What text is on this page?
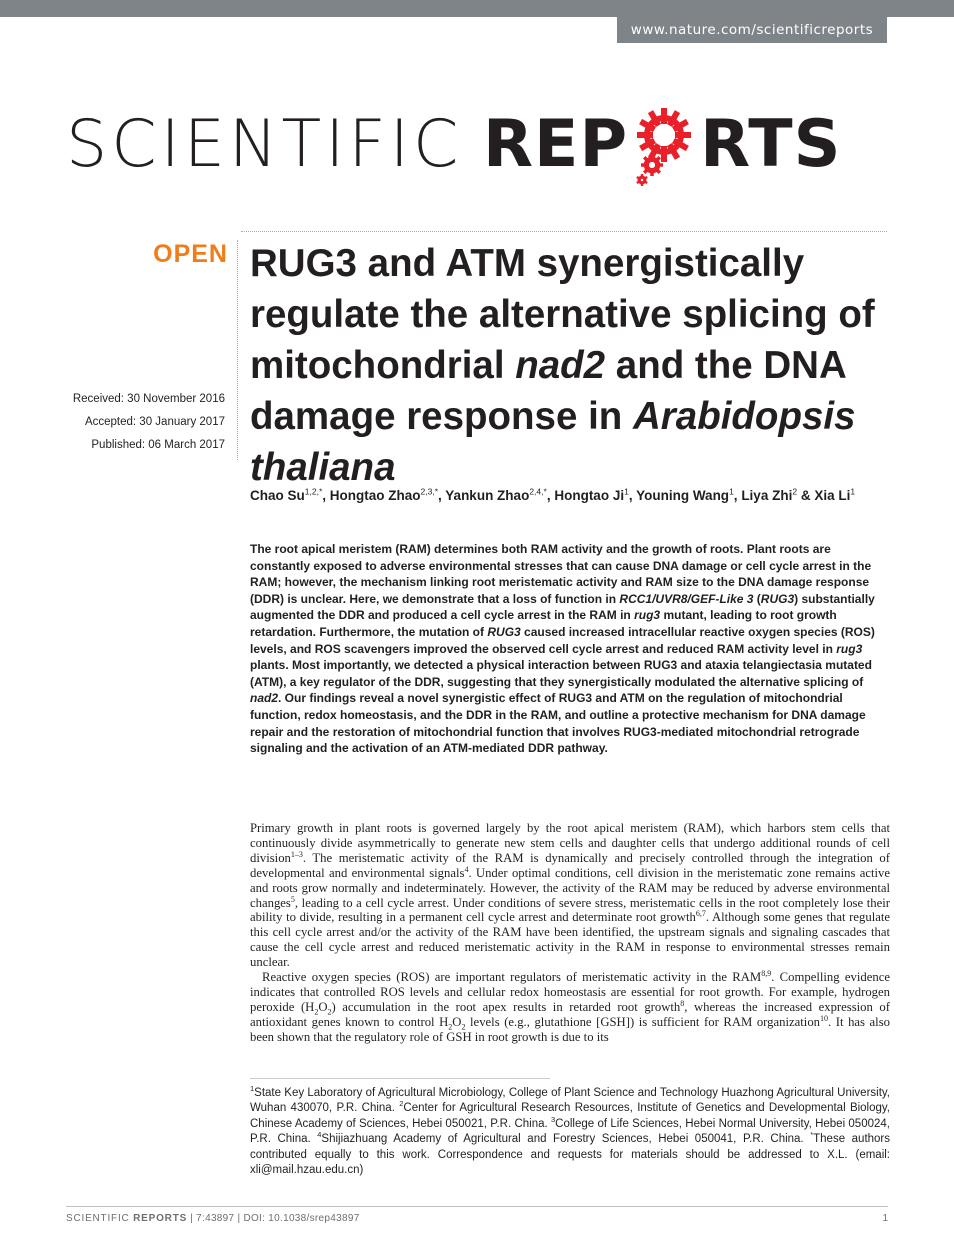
www.nature.com/scientificreports
SCIENTIFIC REP RTS
OPEN
Received: 30 November 2016
Accepted: 30 January 2017
Published: 06 March 2017
RUG3 and ATM synergistically regulate the alternative splicing of mitochondrial nad2 and the DNA damage response in Arabidopsis thaliana
Chao $Su^{1,2,*}$, Hongtao Zhao$^{2,3,*}$, Yankun Zhao$^{2,4,*}$, Hongtao Ji$^1$, Youning Wang$^1$, Liya Zhi$^2$ & Xia Li$^1$
The root apical meristem (RAM) determines both RAM activity and the growth of roots. Plant roots are constantly exposed to adverse environmental stresses that can cause DNA damage or cell cycle arrest in the RAM; however, the mechanism linking root meristematic activity and RAM size to the DNA damage response (DDR) is unclear. Here, we demonstrate that a loss of function in RCC1/UVR8/GEF-Like 3 (RUG3) substantially augmented the DDR and produced a cell cycle arrest in the RAM in rug3 mutant, leading to root growth retardation. Furthermore, the mutation of RUG3 caused increased intracellular reactive oxygen species (ROS) levels, and ROS scavengers improved the observed cell cycle arrest and reduced RAM activity level in rug3 plants. Most importantly, we detected a physical interaction between RUG3 and ataxia telangiectasia mutated (ATM), a key regulator of the DDR, suggesting that they synergistically modulated the alternative splicing of nad2. Our findings reveal a novel synergistic effect of RUG3 and ATM on the regulation of mitochondrial function, redox homeostasis, and the DDR in the RAM, and outline a protective mechanism for DNA damage repair and the restoration of mitochondrial function that involves RUG3-mediated mitochondrial retrograde signaling and the activation of an ATM-mediated DDR pathway.

Primary growth in plant roots is governed largely by the root apical meristem (RAM), which harbors stem cells that continuously divide asymmetrically to generate new stem cells and daughter cells that undergo additional rounds of cell division$^{1-3}$. The meristematic activity of the RAM is dynamically and precisely controlled through the integration of developmental and environmental signals$^4$. Under optimal conditions, cell division in the meristematic zone remains active and roots grow normally and indeterminately. However, the activity of the RAM may be reduced by adverse environmental changes$^5$, leading to a cell cycle arrest. Under conditions of severe stress, meristematic cells in the root completely lose their ability to divide, resulting in a permanent cell cycle arrest and determinate root growth$^{6,7}$. Although some genes that regulate this cell cycle arrest and/or the activity of the RAM have been identified, the upstream signals and signaling cascades that cause the cell cycle arrest and reduced meristematic activity in the RAM in response to environmental stresses remain unclear.

Reactive oxygen species (ROS) are important regulators of meristematic activity in the RAM$^{8,9}$. Compelling evidence indicates that controlled ROS levels and cellular redox homeostasis are essential for root growth. For example, hydrogen peroxide $(H_2O_2)$ accumulation in the root apex results in retarded root growth$^8$, whereas the increased expression of antioxidant genes known to control $H_2O_2$ levels (e.g., glutathione [GSH]) is sufficient for RAM organization$^{10}$. It has also been shown that the regulatory role of GSH in root growth is due to its

$^1$State Key Laboratory of Agricultural Microbiology, College of Plant Science and Technology Huazhong Agricultural University, Wuhan 430070, P.R. China. $^2$Center for Agricultural Research Resources, Institute of Genetics and Developmental Biology, Chinese Academy of Sciences, Hebei 050021, P.R. China. $^3$College of Life Sciences, Hebei Normal University, Hebei 050024, P.R. China. $^4$Shijiazhuang Academy of Agricultural and Forestry Sciences, Hebei 050041, P.R. China. *These authors contributed equally to this work. Correspondence and requests for materials should be addressed to X.L. (email: xli@mail.hzau.edu.cn)
SCIENTIFIC REPORTS | 7:43897 | DOI: 10.1038/srep43897	1
